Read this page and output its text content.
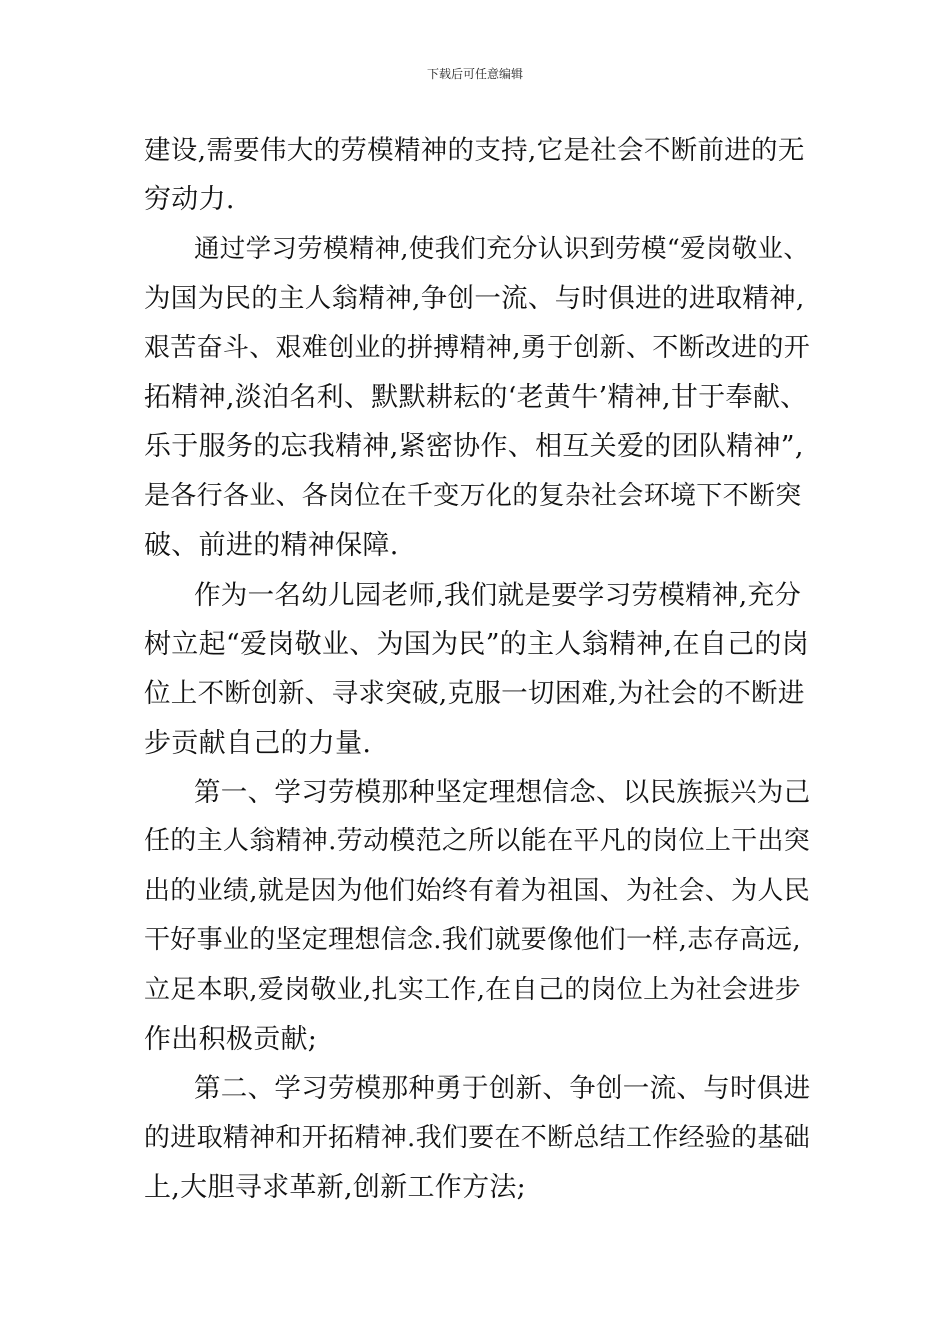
下载后可任意编辑
建设,需要伟大的劳模精神的支持,它是社会不断前进的无
穷动力.
通过学习劳模精神,使我们充分认识到劳模“爱岗敬业、
为国为民的主人翁精神,争创一流、与时俱进的进取精神,
艰苦奋斗、艰难创业的拼搏精神,勇于创新、不断改进的开
拓精神,淡泊名利、默默耕耘的‘老黄牛’精神,甘于奉献、
乐于服务的忘我精神,紧密协作、相互关爱的团队精神”,
是各行各业、各岗位在千变万化的复杂社会环境下不断突
破、前进的精神保障.
作为一名幼儿园老师,我们就是要学习劳模精神,充分
树立起“爱岗敬业、为国为民”的主人翁精神,在自己的岗
位上不断创新、寻求突破,克服一切困难,为社会的不断进
步贡献自己的力量.
第一、学习劳模那种坚定理想信念、以民族振兴为己
任的主人翁精神.劳动模范之所以能在平凡的岗位上干出突
出的业绩,就是因为他们始终有着为祖国、为社会、为人民
干好事业的坚定理想信念.我们就要像他们一样,志存高远,
立足本职,爱岗敬业,扎实工作,在自己的岗位上为社会进步
作出积极贡献;
第二、学习劳模那种勇于创新、争创一流、与时俱进
的进取精神和开拓精神.我们要在不断总结工作经验的基础
上,大胆寻求革新,创新工作方法;
